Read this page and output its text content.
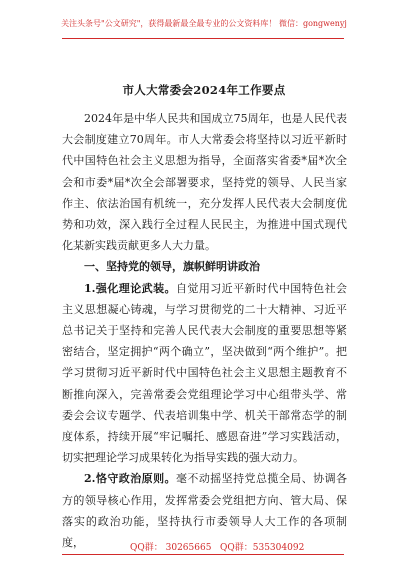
关注头条号"公文研究"，获得最新最全最专业的公文资料库！ 微信：gongwenyj
市人大常委会2024年工作要点

2024年是中华人民共和国成立75周年，也是人民代表大会制度建立70周年。市人大常委会将坚持以习近平新时代中国特色社会主义思想为指导，全面落实省委*届*次全会和市委*届*次全会部署要求，坚持党的领导、人民当家作主、依法治国有机统一，充分发挥人民代表大会制度优势和功效，深入践行全过程人民民主，为推进中国式现代化某新实践贡献更多人大力量。

一、坚持党的领导，旗帜鲜明讲政治

1.强化理论武装。自觉用习近平新时代中国特色社会主义思想凝心铸魂，与学习贯彻党的二十大精神、习近平总书记关于坚持和完善人民代表大会制度的重要思想等紧密结合，坚定拥护“两个确立”，坚决做到“两个维护”。把学习贯彻习近平新时代中国特色社会主义思想主题教育不断推向深入，完善常委会党组理论学习中心组带头学、常委会会议专题学、代表培训集中学、机关干部常态学的制度体系，持续开展“牢记嘱托、感恩奋进”学习实践活动，切实把理论学习成果转化为指导实践的强大动力。

2.恪守政治原则。毫不动摇坚持党总揽全局、协调各方的领导核心作用，发挥常委会党组把方向、管大局、保落实的政治功能，坚持执行市委领导人大工作的各项制度，	QQ群： 30265665 QQ群：535304092
